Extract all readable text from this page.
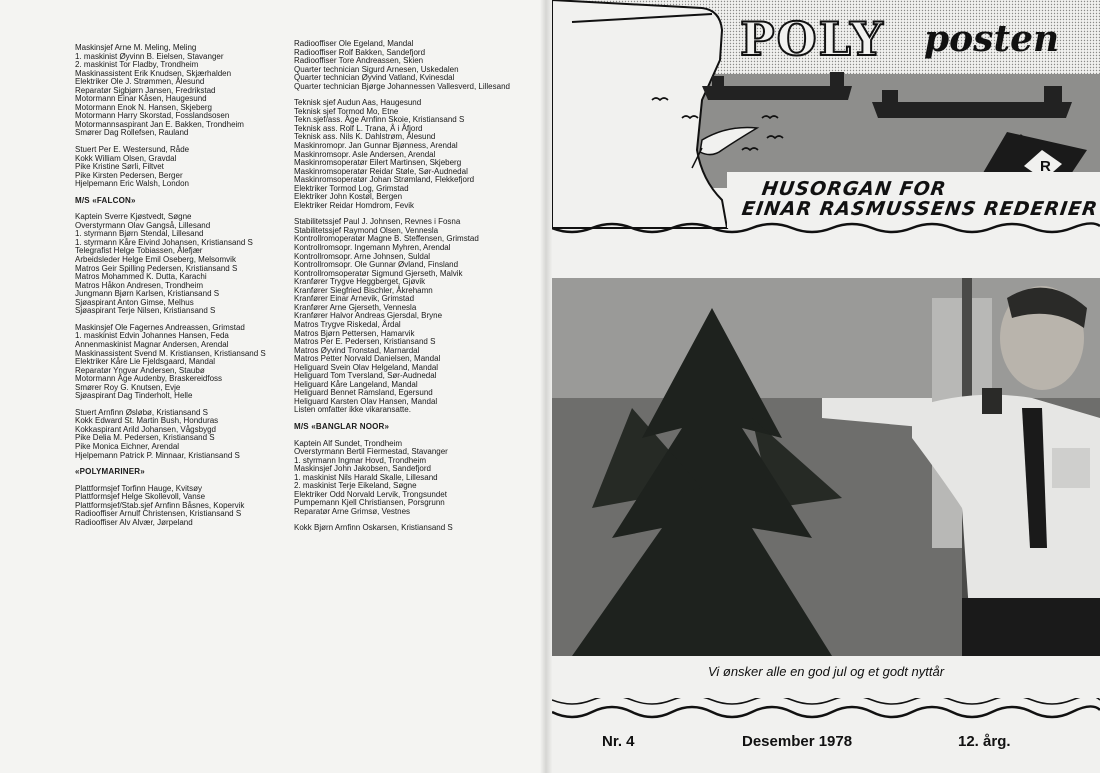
Maskinsjef Arne M. Meling, Meling
1. maskinist Øyvinn B. Eielsen, Stavanger
2. maskinist Tor Fladby, Trondheim
Maskinassistent Erik Knudsen, Skjærhalden
Elektriker Ole J. Strømmen, Ålesund
Reparatør Sigbjørn Jansen, Fredrikstad
Motormann Einar Kåsen, Haugesund
Motormann Enok N. Hansen, Skjeberg
Motormann Harry Skorstad, Fosslandsosen
Motormannsaspirant Jan E. Bakken, Trondheim
Smører Dag Rollefsen, Rauland
Stuert Per E. Westersund, Råde
Kokk William Olsen, Gravdal
Pike Kristine Sørli, Filtvet
Pike Kirsten Pedersen, Berger
Hjelpemann Eric Walsh, London
M/S «FALCON»
Kaptein Sverre Kjøstvedt, Søgne
Overstyrmann Olav Gangså, Lillesand
1. styrmann Bjørn Stendal, Lillesand
1. styrmann Kåre Eivind Johansen, Kristiansand S
Telegrafist Helge Tobiassen, Ålefjær
Arbeidsleder Helge Emil Oseberg, Melsomvik
Matros Geir Spilling Pedersen, Kristiansand S
Matros Mohammed K. Dutta, Karachi
Matros Håkon Andresen, Trondheim
Jungmann Bjørn Karlsen, Kristiansand S
Sjøaspirant Anton Gimse, Melhus
Sjøaspirant Terje Nilsen, Kristiansand S
Maskinsjef Ole Fagernes Andreassen, Grimstad
1. maskinist Edvin Johannes Hansen, Feda
Annenmaskinist Magnar Andersen, Arendal
Maskinassistent Svend M. Kristiansen, Kristiansand S
Elektriker Kåre Lie Fjeldsgaard, Mandal
Reparatør Yngvar Andersen, Staubø
Motormann Åge Audenby, Braskereidfoss
Smører Roy G. Knutsen, Evje
Sjøaspirant Dag Tinderholt, Helle
Stuert Arnfinn Øsløbø, Kristiansand S
Kokk Edward St. Martin Bush, Honduras
Kokkaspirant Arild Johansen, Vågsbygd
Pike Delia M. Pedersen, Kristiansand S
Pike Monica Eichner, Arendal
Hjelpemann Patrick P. Minnaar, Kristiansand S
«POLYMARINER»
Plattformsjef Torfinn Hauge, Kvitsøy
Plattformsjef Helge Skollevoll, Vanse
Plattformsjef/Stab.sjef Arnfinn Båsnes, Kopervik
Radiooffiser Arnulf Christensen, Kristiansand S
Radiooffiser Alv Alvær, Jørpeland
Radiooffiser Ole Egeland, Mandal
Radiooffiser Rolf Bakken, Sandefjord
Radiooffiser Tore Andreassen, Skien
Quarter technician Sigurd Arnesen, Uskedalen
Quarter technician Øyvind Vatland, Kvinesdal
Quarter technician Bjørge Johannessen Vallesverd, Lillesand
Teknisk sjef Audun Aas, Haugesund
Teknisk sjef Tormod Mo, Etne
Tekn.sjef/ass. Åge Arnfinn Skoie, Kristiansand S
Teknisk ass. Rolf L. Trana, Å i Åfjord
Teknisk ass. Nils K. Dahlstrøm, Ålesund
Maskinromopr. Jan Gunnar Bjønness, Arendal
Maskinromsopr. Asle Andersen, Arendal
Maskinromsoperatør Eilert Martinsen, Skjeberg
Maskinromsoperatør Reidar Støle, Sør-Audnedal
Maskinromsoperatør Johan Strømland, Flekkefjord
Elektriker Tormod Log, Grimstad
Elektriker John Kostøl, Bergen
Elektriker Reidar Homdrom, Fevik
Stabilitetssjef Paul J. Johnsen, Revnes i Fosna
Stabilitetssjef Raymond Olsen, Vennesla
Kontrollromoperatør Magne B. Steffensen, Grimstad
Kontrollromsopr. Ingemann Myhren, Arendal
Kontrollromsopr. Arne Johnsen, Suldal
Kontrollromsopr. Ole Gunnar Øvland, Finsland
Kontrollromsoperatør Sigmund Gjerseth, Malvik
Kranfører Trygve Heggberget, Gjøvik
Kranfører Siegfried Bischler, Åkrehamn
Kranfører Einar Arnevik, Grimstad
Kranfører Arne Gjerseth, Vennesla
Kranfører Halvor Andreas Gjersdal, Bryne
Matros Trygve Riskedal, Årdal
Matros Bjørn Pettersen, Hamarvik
Matros Per E. Pedersen, Kristiansand S
Matros Øyvind Tronstad, Marnardal
Matros Petter Norvald Danielsen, Mandal
Heliguard Svein Olav Helgeland, Mandal
Heliguard Tom Tversland, Sør-Audnedal
Heliguard Kåre Langeland, Mandal
Heliguard Bennet Ramsland, Egersund
Heliguard Karsten Olav Hansen, Mandal
Listen omfatter ikke vikaransatte.
M/S «BANGLAR NOOR»
Kaptein Alf Sundet, Trondheim
Overstyrmann Bertil Fiermestad, Stavanger
1. styrmann Ingmar Hovd, Trondheim
Maskinsjef John Jakobsen, Sandefjord
1. maskinist Nils Harald Skalle, Lillesand
2. maskinist Terje Eikeland, Søgne
Elektriker Odd Norvald Lervik, Trongsundet
Pumpemann Kjell Christiansen, Porsgrunn
Reparatør Arne Grimsø, Vestnes
Kokk Bjørn Arnfinn Oskarsen, Kristiansand S
POLY posten
R
HUSORGAN FOR
EINAR RASMUSSENS REDERIER
Vi ønsker alle en god jul og et godt nyttår
Nr. 4	Desember 1978	12. årg.
